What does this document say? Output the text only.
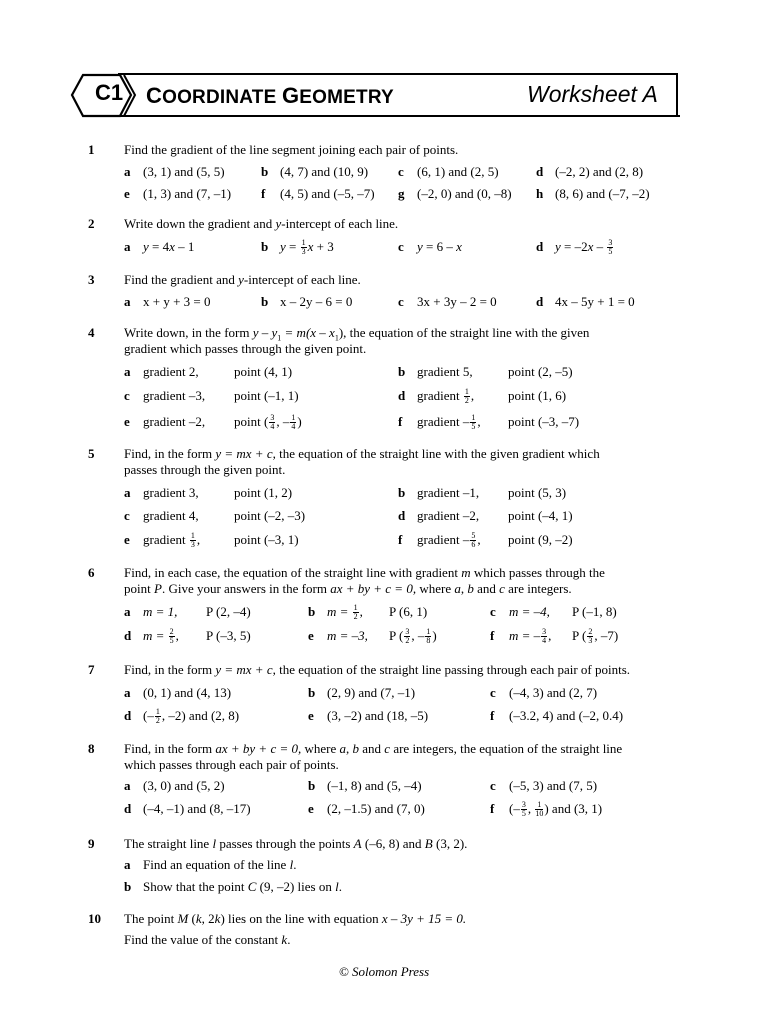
C1 COORDINATE GEOMETRY	Worksheet A
1 Find the gradient of the line segment joining each pair of points.
a (3, 1) and (5, 5)	b (4, 7) and (10, 9) c (6, 1) and (2, 5)	d (–2, 2) and (2, 8)
e (1, 3) and (7, –1) f (4, 5) and (–5, –7) g (–2, 0) and (0, –8) h (8, 6) and (–7, –2)
2 Write down the gradient and y-intercept of each line.
a y = 4x – 1	b $y = \frac{1}{3}$ x + 3	c y = 6 – x	d $y = -2x - \frac{3}{5}$
3 Find the gradient and y-intercept of each line.
a x + y + 3 = 0	b x – 2y – 6 = 0	c 3x + 3y – 2 = 0	d 4x – 5y + 1 = 0
4 Write down, in the form $y - y_1 = m(x - x_1)$, the equation of the straight line with the given
gradient which passes through the given point.
a gradient 2,	point (4, 1)	b gradient 5,	point (2, –5)
c gradient –3, point (–1, 1)	d gradient $\frac{1}{2}$ ,	point (1, 6)
e gradient –2, point ( $\frac{3}{4}$ , – $\frac{1}{4}$ )	f gradient – $\frac{1}{5}$ , point (–3, –7)
5 Find, in the form y = mx + c, the equation of the straight line with the given gradient which
passes through the given point.
a gradient 3,	point (1, 2)	b gradient –1, point (5, 3)
c gradient 4,	point (–2, –3)	d gradient –2, point (–4, 1)
e gradient $\frac{1}{3}$ ,	point (–3, 1)	f gradient – $\frac{5}{6}$ , point (9, –2)
6 Find, in each case, the equation of the straight line with gradient m which passes through the
point P. Give your answers in the form ax + by + c = 0, where a, b and c are integers.
a m = 1, P (2, –4)	b $m = \frac{1}{2}$ , P (6, 1)	c m = –4, P (–1, 8)
d $m = \frac{2}{5}$ , P (–3, 5)	e m = –3, P ( $\frac{3}{2}$ , – $\frac{1}{8}$ )	f m = – $\frac{3}{4}$ , P ( $\frac{2}{3}$ , –7)
7 Find, in the form y = mx + c, the equation of the straight line passing through each pair of points.
a (0, 1) and (4, 13)	b (2, 9) and (7, –1)	c (–4, 3) and (2, 7)
d (– $\frac{1}{2}$ , –2) and (2, 8)	e (3, –2) and (18, –5)	f (–3.2, 4) and (–2, 0.4)
8 Find, in the form ax + by + c = 0, where a, b and c are integers, the equation of the straight line
which passes through each pair of points.
a (3, 0) and (5, 2)	b (–1, 8) and (5, –4)	c (–5, 3) and (7, 5)
d (–4, –1) and (8, –17)	e (2, –1.5) and (7, 0)	f (– $\frac{3}{5}$ , $\frac{1}{10}$ ) and (3, 1)
9 The straight line l passes through the points A (–6, 8) and B (3, 2).
a Find an equation of the line l.
b Show that the point C (9, –2) lies on l.
10 The point M (k, 2k) lies on the line with equation x – 3y + 15 = 0.
Find the value of the constant k.
© Solomon Press
